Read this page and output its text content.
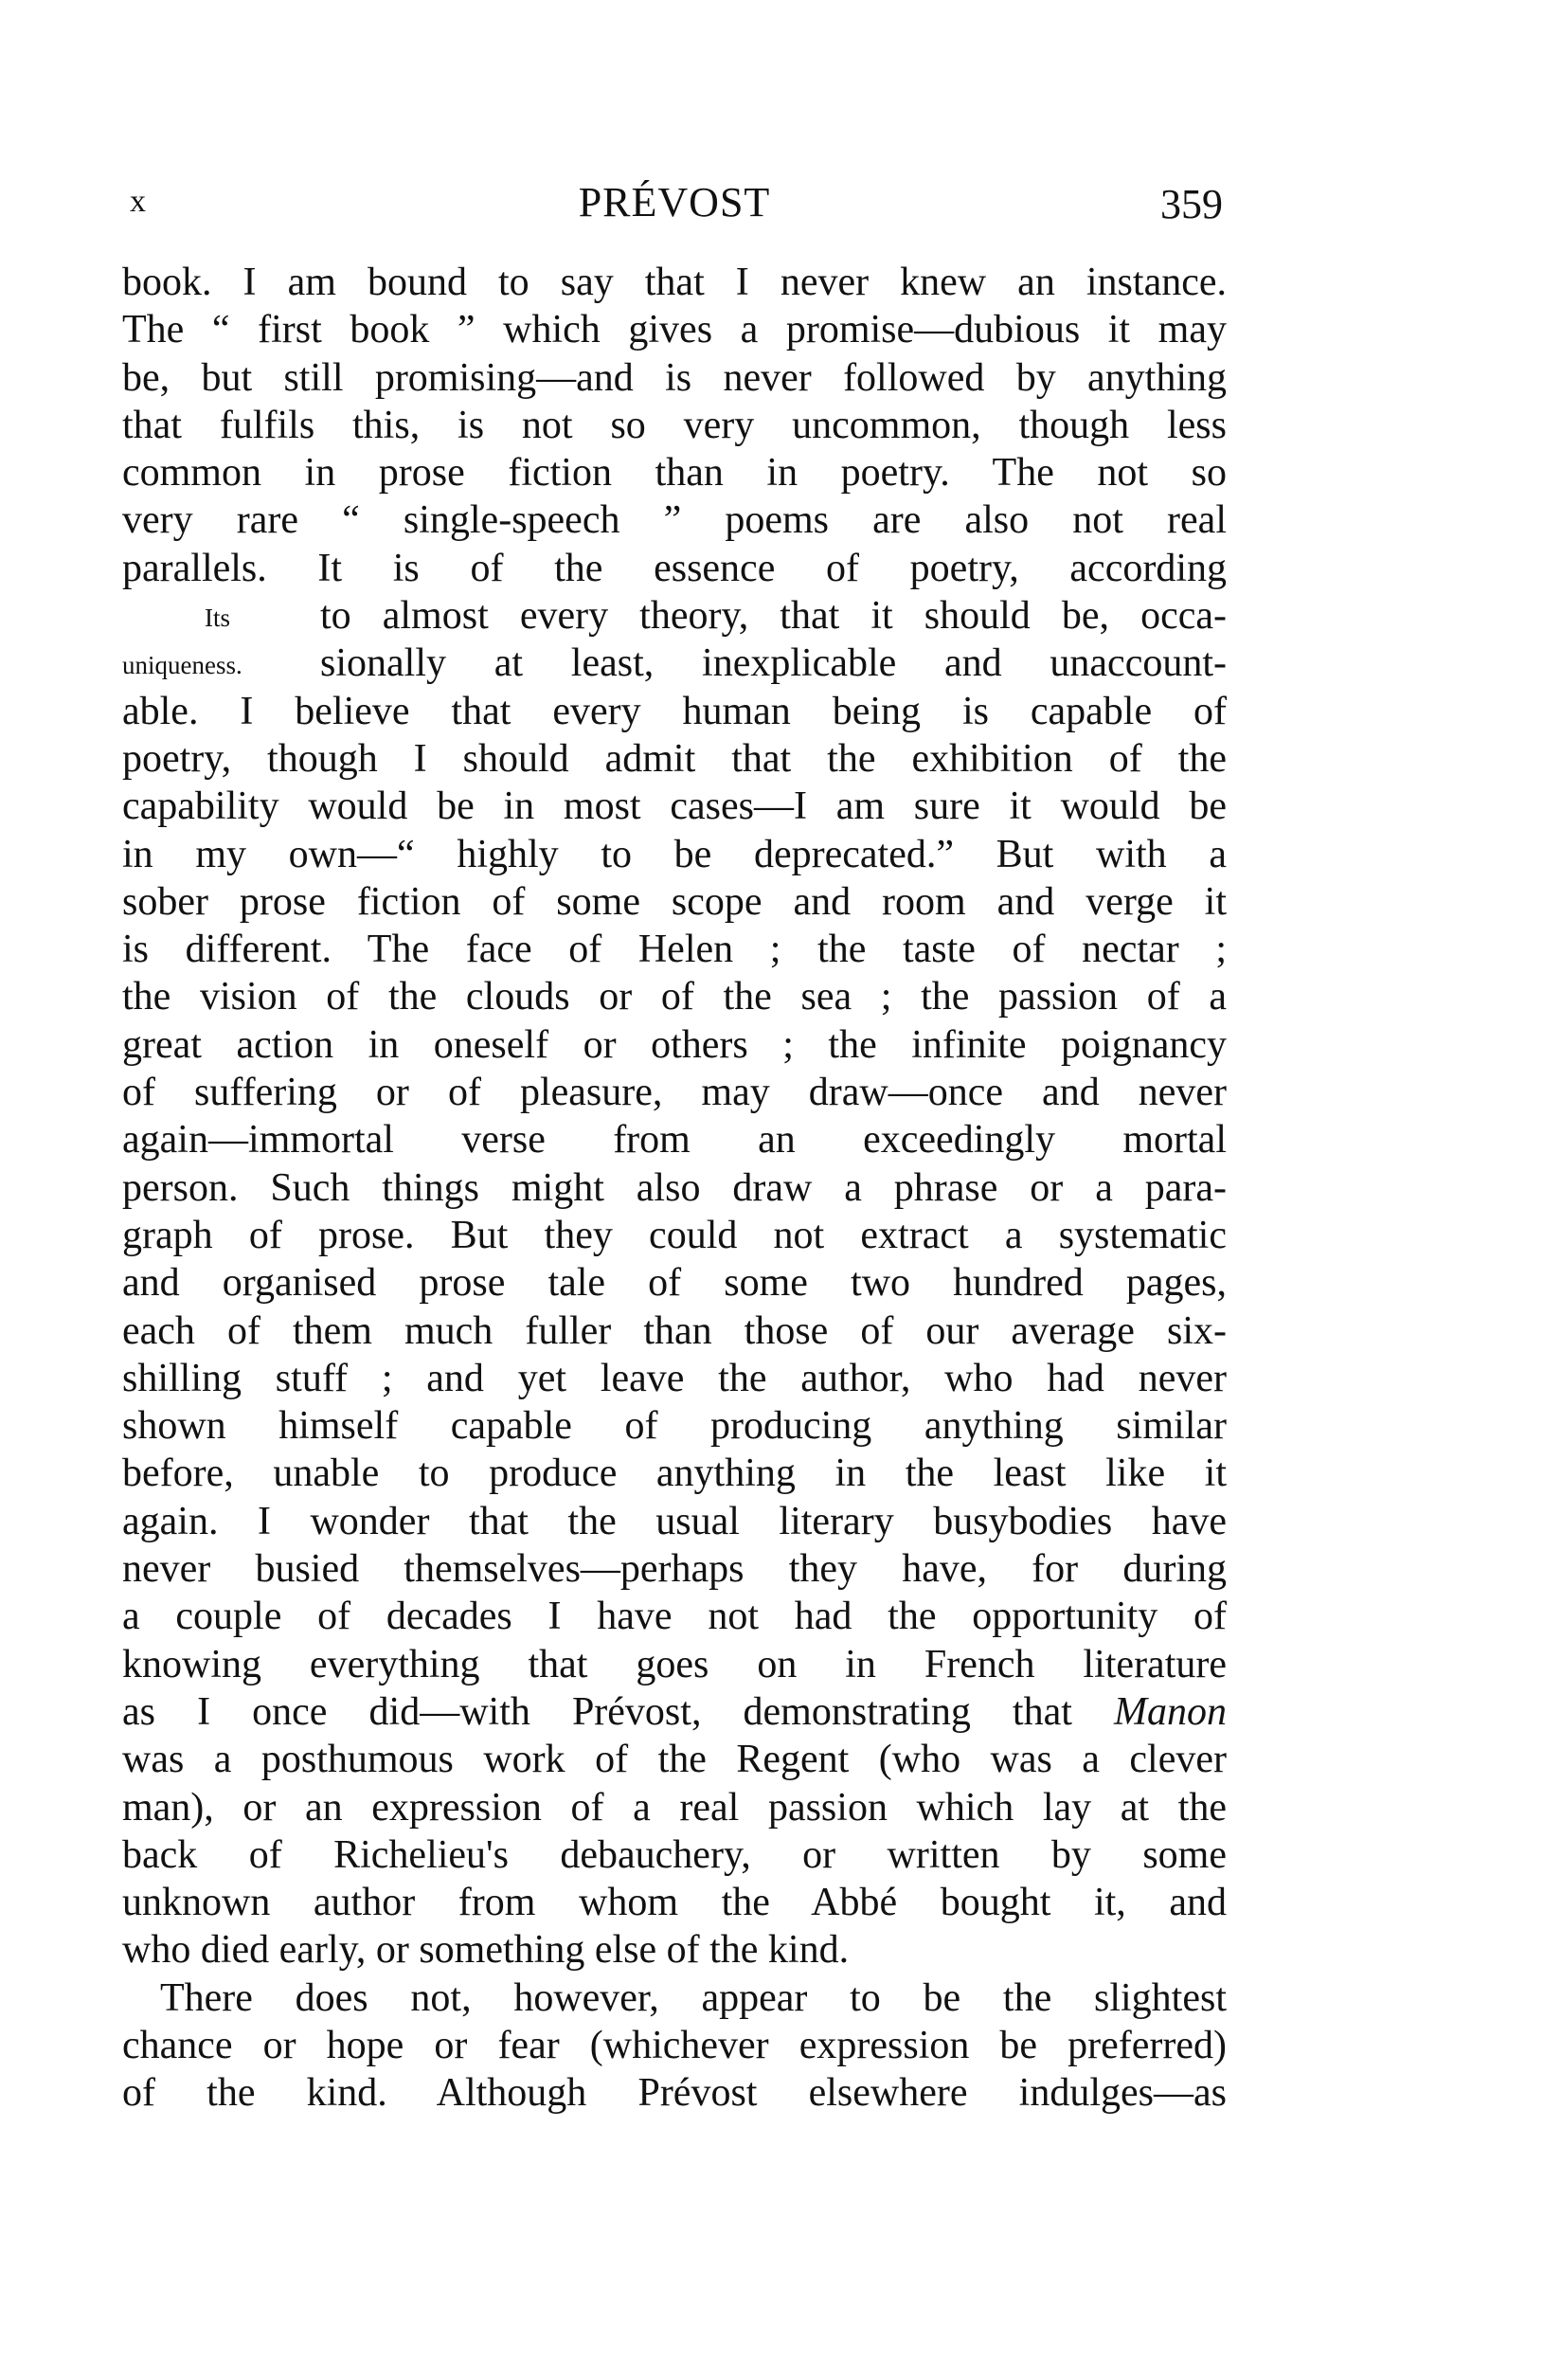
x	PRÉVOST	359
book. I am bound to say that I never knew an instance.
The “ first book ” which gives a promise—dubious it may
be, but still promising—and is never followed by anything
that fulfils this, is not so very uncommon, though less
common in prose fiction than in poetry. The not so
very rare “ single-speech ” poems are also not real
parallels. It is of the essence of poetry, according
Its to almost every theory, that it should be, occa-
uniqueness. sionally at least, inexplicable and unaccount-
able. I believe that every human being is capable of
poetry, though I should admit that the exhibition of the
capability would be in most cases—I am sure it would be
in my own—“ highly to be deprecated.” But with a
sober prose fiction of some scope and room and verge it
is different. The face of Helen ; the taste of nectar ;
the vision of the clouds or of the sea ; the passion of a
great action in oneself or others ; the infinite poignancy
of suffering or of pleasure, may draw—once and never
again—immortal verse from an exceedingly mortal
person. Such things might also draw a phrase or a para-
graph of prose. But they could not extract a systematic
and organised prose tale of some two hundred pages,
each of them much fuller than those of our average six-
shilling stuff ; and yet leave the author, who had never
shown himself capable of producing anything similar
before, unable to produce anything in the least like it
again. I wonder that the usual literary busybodies have
never busied themselves—perhaps they have, for during
a couple of decades I have not had the opportunity of
knowing everything that goes on in French literature
as I once did—with Prévost, demonstrating that Manon
was a posthumous work of the Regent (who was a clever
man), or an expression of a real passion which lay at the
back of Richelieu's debauchery, or written by some
unknown author from whom the Abbé bought it, and
who died early, or something else of the kind.
There does not, however, appear to be the slightest
chance or hope or fear (whichever expression be preferred)
of the kind. Although Prévost elsewhere indulges—as
